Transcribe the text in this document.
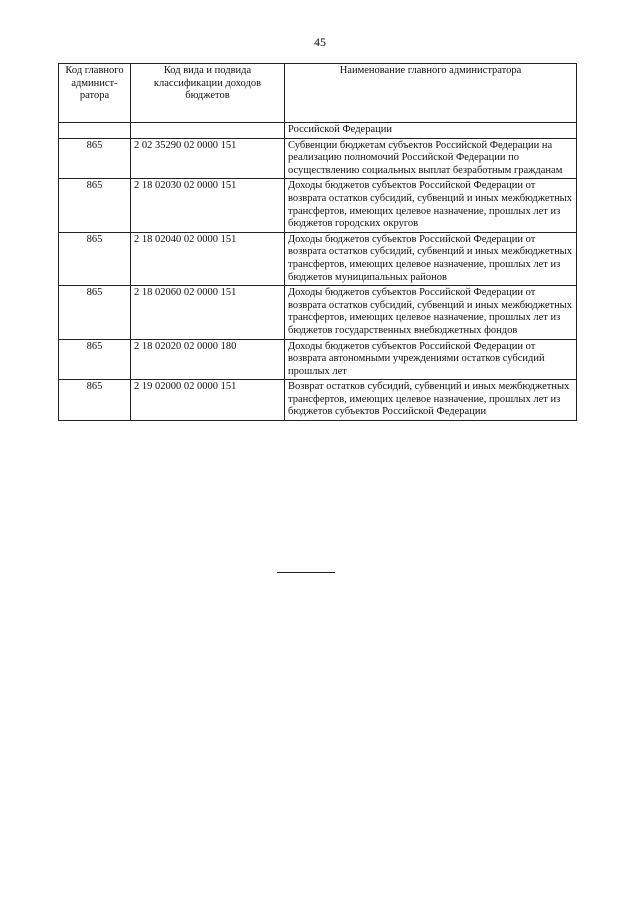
45
Код главного админист-ратора	Код вида и подвида классификации доходов бюджетов	Наименование главного администратора
		Российской Федерации
865	2 02 35290 02 0000 151	Субвенции бюджетам субъектов Российской Федерации на реализацию полномочий Российской Федерации по осуществлению социальных выплат безработным гражданам
865	2 18 02030 02 0000 151	Доходы бюджетов субъектов Российской Федерации от возврата остатков субсидий, субвенций и иных межбюджетных трансфертов, имеющих целевое назначение, прошлых лет из бюджетов городских округов
865	2 18 02040 02 0000 151	Доходы бюджетов субъектов Российской Федерации от возврата остатков субсидий, субвенций и иных межбюджетных трансфертов, имеющих целевое назначение, прошлых лет из бюджетов муниципальных районов
865	2 18 02060 02 0000 151	Доходы бюджетов субъектов Российской Федерации от возврата остатков субсидий, субвенций и иных межбюджетных трансфертов, имеющих целевое назначение, прошлых лет из бюджетов государственных внебюджетных фондов
865	2 18 02020 02 0000 180	Доходы бюджетов субъектов Российской Федерации от возврата автономными учреждениями остатков субсидий прошлых лет
865	2 19 02000 02 0000 151	Возврат остатков субсидий, субвенций и иных межбюджетных трансфертов, имеющих целевое назначение, прошлых лет из бюджетов субъектов Российской Федерации
